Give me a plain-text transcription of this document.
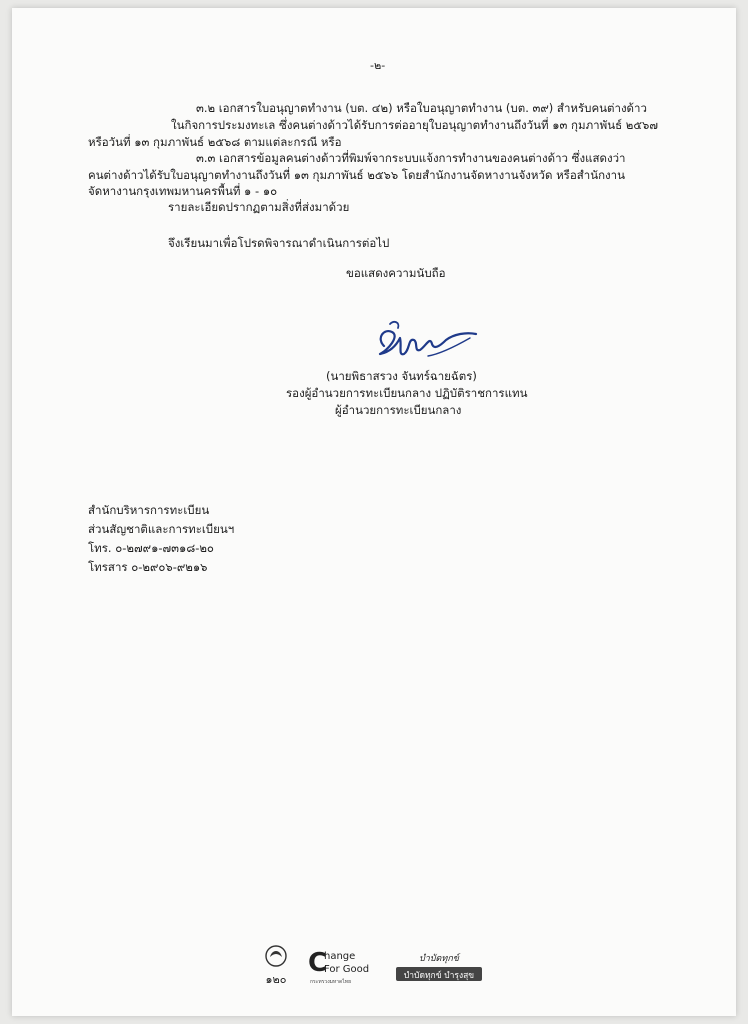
-๒-
๓.๒ เอกสารใบอนุญาตทำงาน (บต. ๔๒) หรือใบอนุญาตทำงาน (บต. ๓๙) สำหรับคนต่างด้าว
ในกิจการประมงทะเล ซึ่งคนต่างด้าวได้รับการต่ออายุใบอนุญาตทำงานถึงวันที่ ๑๓ กุมภาพันธ์ ๒๕๖๗
หรือวันที่ ๑๓ กุมภาพันธ์ ๒๕๖๘ ตามแต่ละกรณี หรือ
๓.๓ เอกสารข้อมูลคนต่างด้าวที่พิมพ์จากระบบแจ้งการทำงานของคนต่างด้าว ซึ่งแสดงว่า
คนต่างด้าวได้รับใบอนุญาตทำงานถึงวันที่ ๑๓ กุมภาพันธ์ ๒๕๖๖ โดยสำนักงานจัดหางานจังหวัด หรือสำนักงาน
จัดหางานกรุงเทพมหานครพื้นที่ ๑ - ๑๐
รายละเอียดปรากฏตามสิ่งที่ส่งมาด้วย
จึงเรียนมาเพื่อโปรดพิจารณาดำเนินการต่อไป
ขอแสดงความนับถือ
(นายพิธาสรวง จันทร์ฉายฉัตร)
รองผู้อำนวยการทะเบียนกลาง ปฏิบัติราชการแทน
ผู้อำนวยการทะเบียนกลาง
สำนักบริหารการทะเบียน
ส่วนสัญชาติและการทะเบียนฯ
โทร. ๐-๒๗๙๑-๗๓๑๘-๒๐
โทรสาร ๐-๒๙๐๖-๙๒๑๖
๑๒๐
C
hange
For Good
กระทรวงมหาดไทย
บำบัดทุกข์
บำบัดทุกข์ บำรุงสุข
